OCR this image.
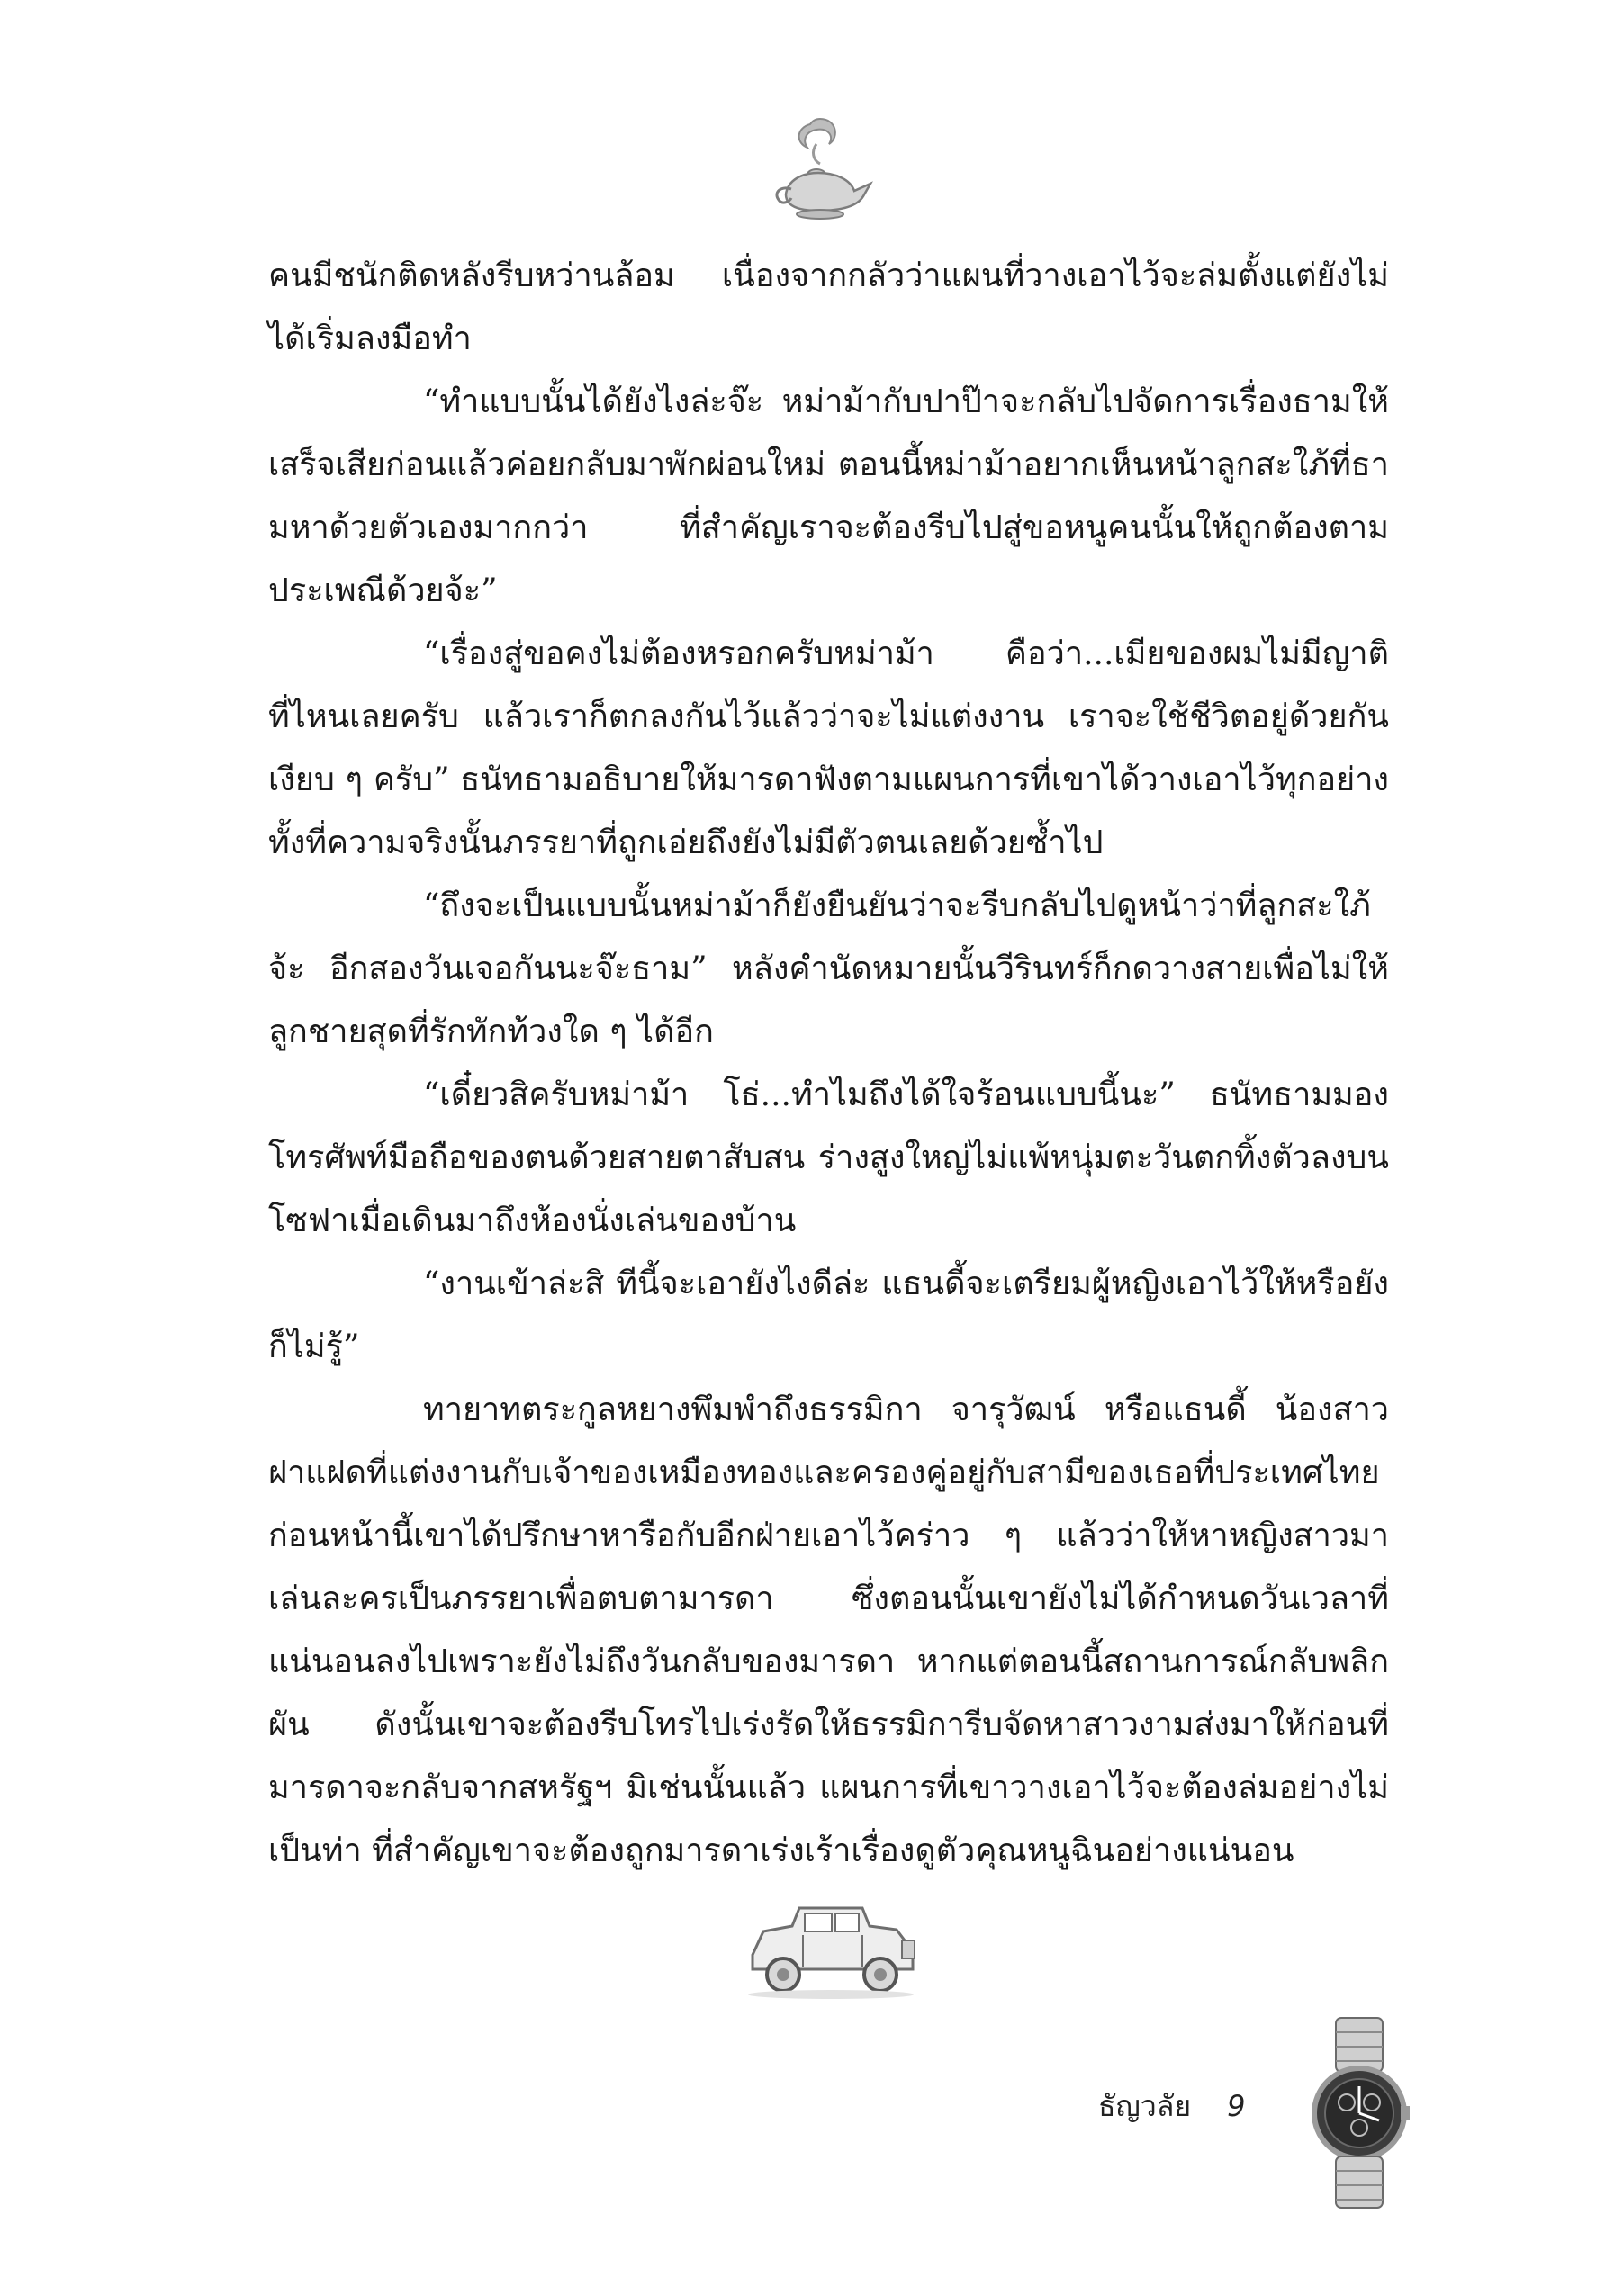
คนมีชนักติดหลังรีบหว่านล้อม เนื่องจากกลัวว่าแผนที่วางเอาไว้จะล่มตั้งแต่ยังไม่ได้เริ่มลงมือทำ

“ทำแบบนั้นได้ยังไงล่ะจ๊ะ หม่าม้ากับปาป๊าจะกลับไปจัดการเรื่องธามให้เสร็จเสียก่อนแล้วค่อยกลับมาพักผ่อนใหม่ ตอนนี้หม่าม้าอยากเห็นหน้าลูกสะใภ้ที่ธามหาด้วยตัวเองมากกว่า ที่สำคัญเราจะต้องรีบไปสู่ขอหนูคนนั้นให้ถูกต้องตามประเพณีด้วยจ้ะ”

“เรื่องสู่ขอคงไม่ต้องหรอกครับหม่าม้า คือว่า...เมียของผมไม่มีญาติที่ไหนเลยครับ แล้วเราก็ตกลงกันไว้แล้วว่าจะไม่แต่งงาน เราจะใช้ชีวิตอยู่ด้วยกันเงียบ ๆ ครับ” ธนัทธามอธิบายให้มารดาฟังตามแผนการที่เขาได้วางเอาไว้ทุกอย่าง ทั้งที่ความจริงนั้นภรรยาที่ถูกเอ่ยถึงยังไม่มีตัวตนเลยด้วยซ้ำไป

“ถึงจะเป็นแบบนั้นหม่าม้าก็ยังยืนยันว่าจะรีบกลับไปดูหน้าว่าที่ลูกสะใภ้จ้ะ อีกสองวันเจอกันนะจ๊ะธาม” หลังคำนัดหมายนั้นวีรินทร์ก็กดวางสายเพื่อไม่ให้ลูกชายสุดที่รักทักท้วงใด ๆ ได้อีก

“เดี๋ยวสิครับหม่าม้า โธ่...ทำไมถึงได้ใจร้อนแบบนี้นะ” ธนัทธามมองโทรศัพท์มือถือของตนด้วยสายตาสับสน ร่างสูงใหญ่ไม่แพ้หนุ่มตะวันตกทิ้งตัวลงบนโซฟาเมื่อเดินมาถึงห้องนั่งเล่นของบ้าน

“งานเข้าล่ะสิ ทีนี้จะเอายังไงดีล่ะ แธนดี้จะเตรียมผู้หญิงเอาไว้ให้หรือยังก็ไม่รู้”

ทายาทตระกูลหยางพึมพำถึงธรรมิกา จารุวัฒน์ หรือแธนดี้ น้องสาวฝาแฝดที่แต่งงานกับเจ้าของเหมืองทองและครองคู่อยู่กับสามีของเธอที่ประเทศไทย ก่อนหน้านี้เขาได้ปรึกษาหารือกับอีกฝ่ายเอาไว้คร่าว ๆ แล้วว่าให้หาหญิงสาวมาเล่นละครเป็นภรรยาเพื่อตบตามารดา ซึ่งตอนนั้นเขายังไม่ได้กำหนดวันเวลาที่แน่นอนลงไปเพราะยังไม่ถึงวันกลับของมารดา หากแต่ตอนนี้สถานการณ์กลับพลิกผัน ดังนั้นเขาจะต้องรีบโทรไปเร่งรัดให้ธรรมิการีบจัดหาสาวงามส่งมาให้ก่อนที่มารดาจะกลับจากสหรัฐฯ มิเช่นนั้นแล้ว แผนการที่เขาวางเอาไว้จะต้องล่มอย่างไม่เป็นท่า ที่สำคัญเขาจะต้องถูกมารดาเร่งเร้าเรื่องดูตัวคุณหนูฉินอย่างแน่นอน

ธัญวลัย 9
